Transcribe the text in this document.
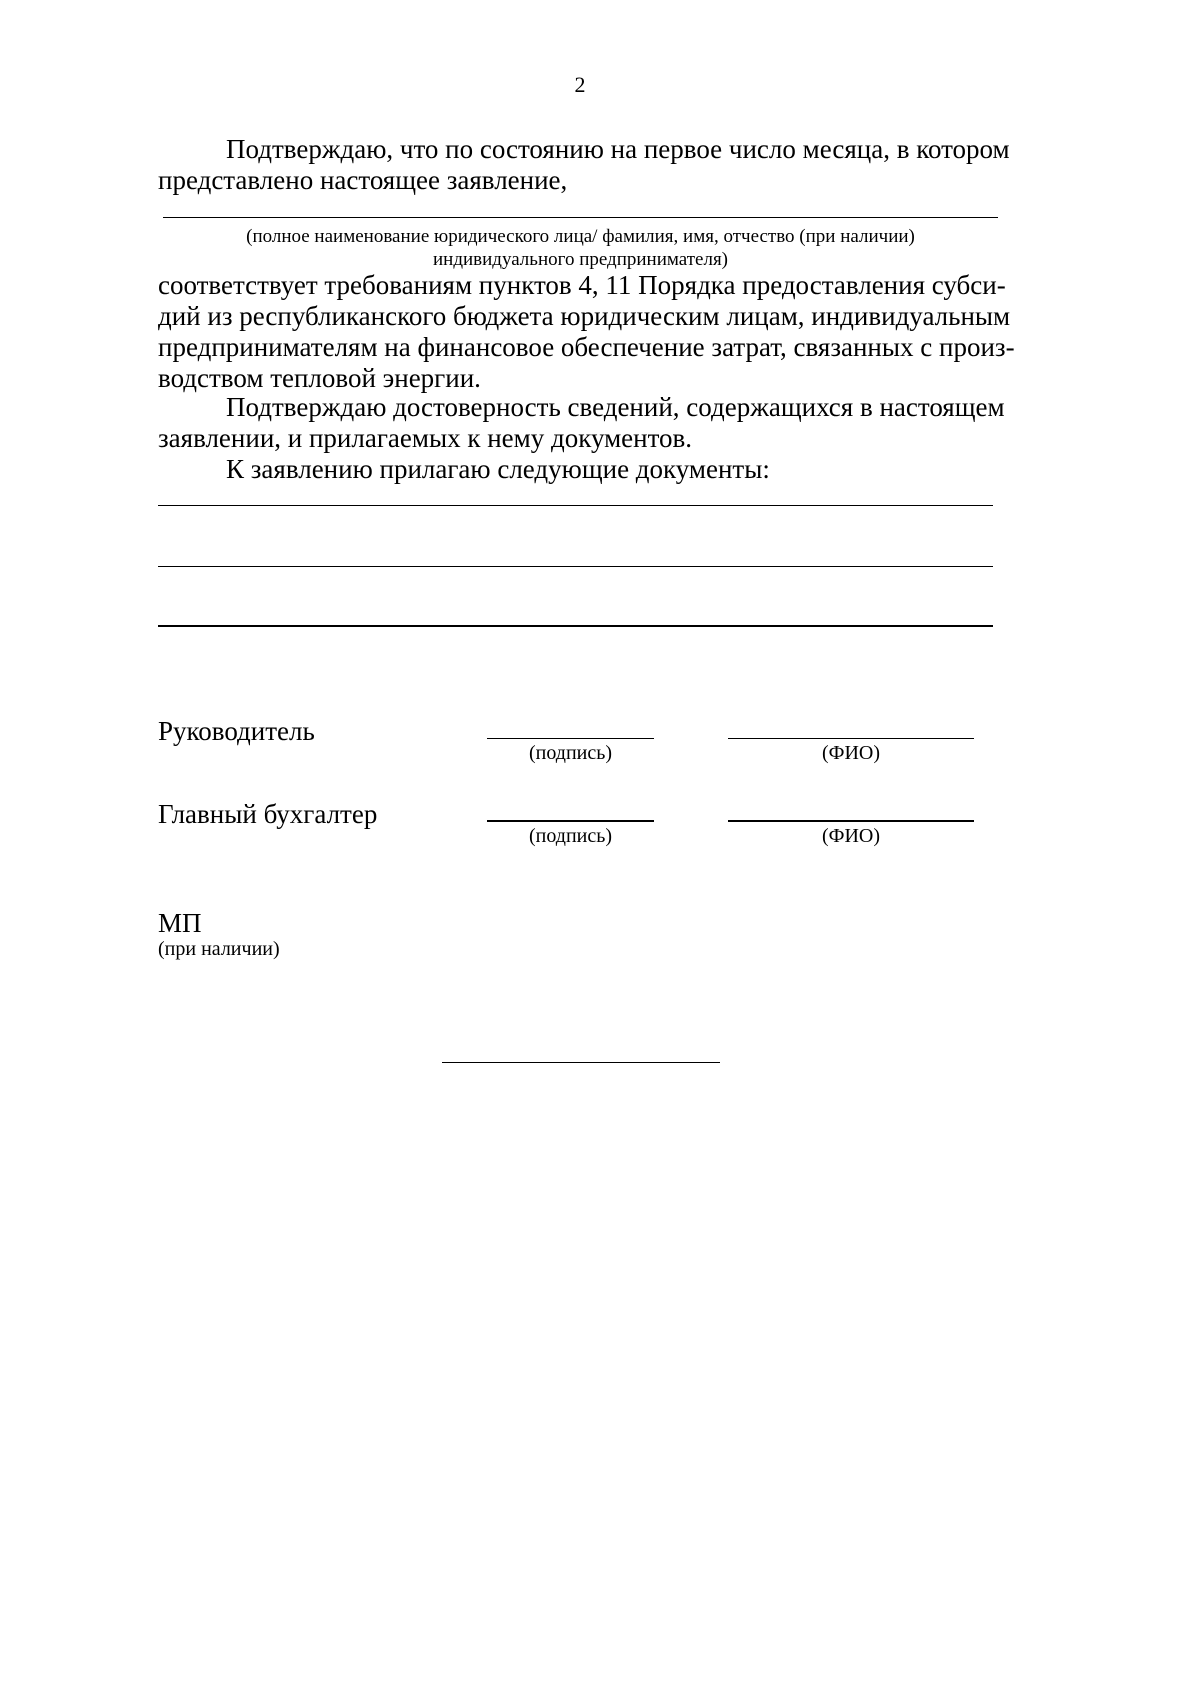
2
Подтверждаю, что по состоянию на первое число месяца, в котором
представлено настоящее заявление,
(полное наименование юридического лица/ фамилия, имя, отчество (при наличии)
индивидуального предпринимателя)
соответствует требованиям пунктов 4, 11 Порядка предоставления субси-
дий из республиканского бюджета юридическим лицам, индивидуальным
предпринимателям на финансовое обеспечение затрат, связанных с произ-
водством тепловой энергии.
Подтверждаю достоверность сведений, содержащихся в настоящем
заявлении, и прилагаемых к нему документов.
К заявлению прилагаю следующие документы:
Руководитель
(подпись)	(ФИО)
Главный бухгалтер
(подпись)	(ФИО)
МП
(при наличии)
